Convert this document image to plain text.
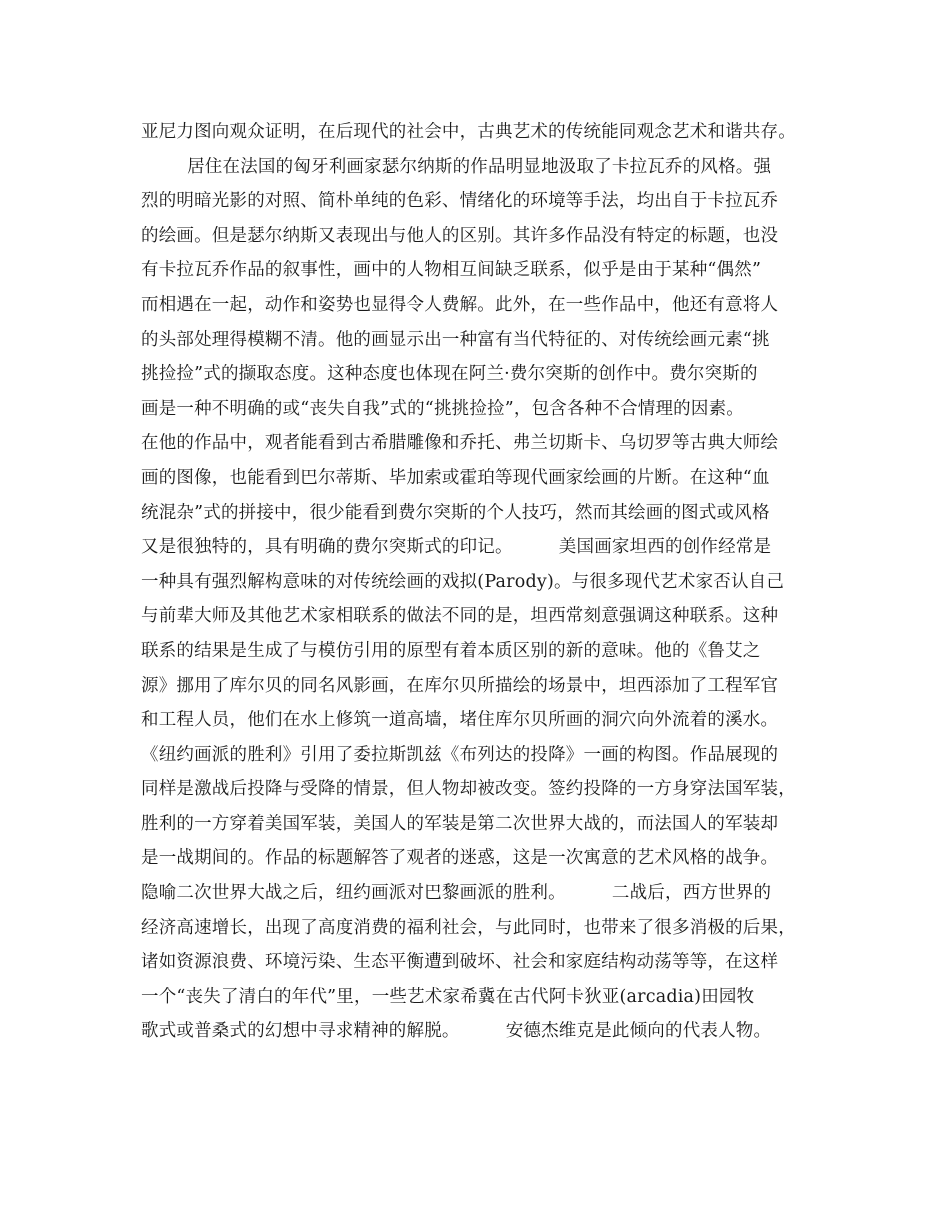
亚尼力图向观众证明，在后现代的社会中，古典艺术的传统能同观念艺术和谐共存。
居住在法国的匈牙利画家瑟尔纳斯的作品明显地汲取了卡拉瓦乔的风格。强
烈的明暗光影的对照、简朴单纯的色彩、情绪化的环境等手法，均出自于卡拉瓦乔
的绘画。但是瑟尔纳斯又表现出与他人的区别。其许多作品没有特定的标题，也没
有卡拉瓦乔作品的叙事性，画中的人物相互间缺乏联系，似乎是由于某种“偶然”
而相遇在一起，动作和姿势也显得令人费解。此外，在一些作品中，他还有意将人
的头部处理得模糊不清。他的画显示出一种富有当代特征的、对传统绘画元素“挑
挑捡捡”式的撷取态度。这种态度也体现在阿兰·费尔突斯的创作中。费尔突斯的
画是一种不明确的或“丧失自我”式的“挑挑捡捡”，包含各种不合情理的因素。
在他的作品中，观者能看到古希腊雕像和乔托、弗兰切斯卡、乌切罗等古典大师绘
画的图像，也能看到巴尔蒂斯、毕加索或霍珀等现代画家绘画的片断。在这种“血
统混杂”式的拼接中，很少能看到费尔突斯的个人技巧，然而其绘画的图式或风格
又是很独特的，具有明确的费尔突斯式的印记。        美国画家坦西的创作经常是
一种具有强烈解构意味的对传统绘画的戏拟(Parody)。与很多现代艺术家否认自己
与前辈大师及其他艺术家相联系的做法不同的是，坦西常刻意强调这种联系。这种
联系的结果是生成了与模仿引用的原型有着本质区别的新的意味。他的《鲁艾之
源》挪用了库尔贝的同名风影画，在库尔贝所描绘的场景中，坦西添加了工程军官
和工程人员，他们在水上修筑一道高墙，堵住库尔贝所画的洞穴向外流着的溪水。
《纽约画派的胜利》引用了委拉斯凯兹《布列达的投降》一画的构图。作品展现的
同样是激战后投降与受降的情景，但人物却被改变。签约投降的一方身穿法国军装，
胜利的一方穿着美国军装，美国人的军装是第二次世界大战的，而法国人的军装却
是一战期间的。作品的标题解答了观者的迷惑，这是一次寓意的艺术风格的战争。
隐喻二次世界大战之后，纽约画派对巴黎画派的胜利。        二战后，西方世界的
经济高速增长，出现了高度消费的福利社会，与此同时，也带来了很多消极的后果，
诸如资源浪费、环境污染、生态平衡遭到破坏、社会和家庭结构动荡等等，在这样
一个“丧失了清白的年代”里，一些艺术家希冀在古代阿卡狄亚(arcadia)田园牧
歌式或普桑式的幻想中寻求精神的解脱。        安德杰维克是此倾向的代表人物。
